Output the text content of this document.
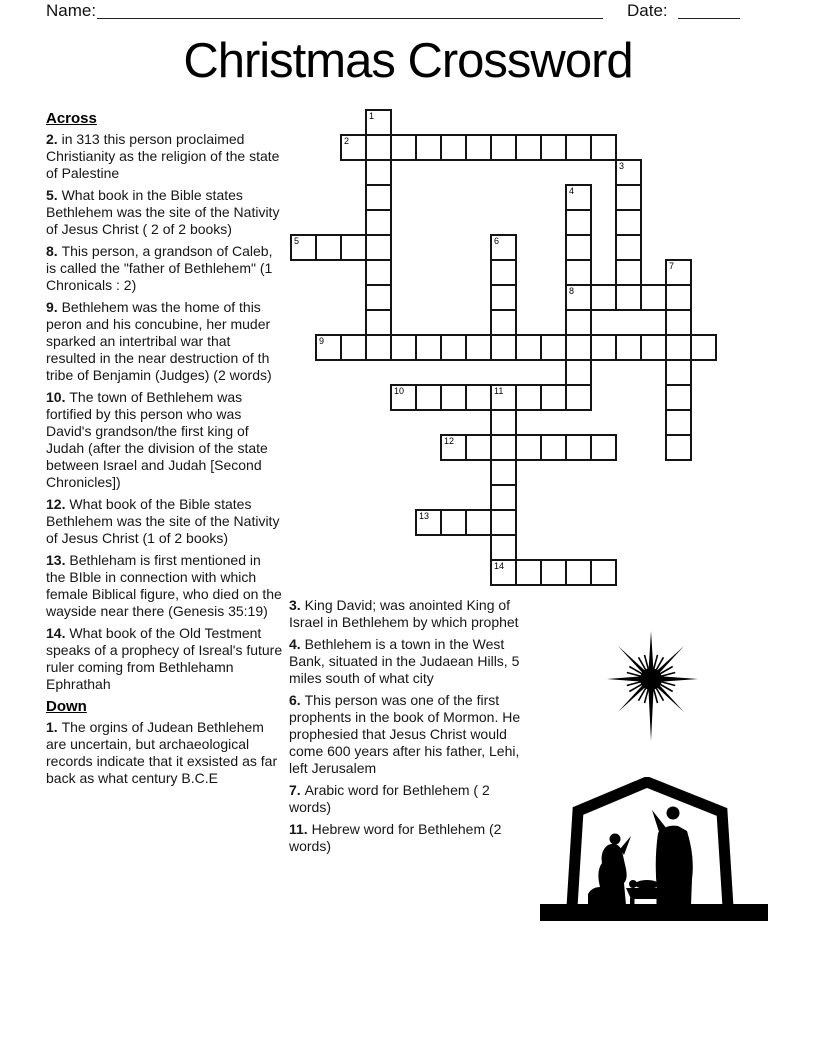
Name:	Date:
Christmas Crossword
Across

2. in 313 this person proclaimed Christianity as the religion of the state of Palestine

5. What book in the Bible states Bethlehem was the site of the Nativity of Jesus Christ ( 2 of 2 books)

8. This person, a grandson of Caleb, is called the "father of Bethlehem" (1 Chronicals : 2)

9. Bethlehem was the home of this peron and his concubine, her muder sparked an intertribal war that resulted in the near destruction of th tribe of Benjamin (Judges) (2 words)

10. The town of Bethlehem was fortified by this person who was David's grandson/the first king of Judah (after the division of the state between Israel and Judah [Second Chronicles])

12. What book of the Bible states Bethlehem was the site of the Nativity of Jesus Christ (1 of 2 books)

13. Bethleham is first mentioned in the BIble in connection with which female Biblical figure, who died on the wayside near there (Genesis 35:19)

14. What book of the Old Testment speaks of a prophecy of Isreal's future ruler coming from Bethlehamn Ephrathah

Down

1. The orgins of Judean Bethlehem are uncertain, but archaeological records indicate that it exsisted as far back as what century B.C.E

3. King David; was anointed King of Israel in Bethlehem by which prophet

4. Bethlehem is a town in the West Bank, situated in the Judaean Hills, 5 miles south of what city

6. This person was one of the first prophents in the book of Mormon. He prophesied that Jesus Christ would come 600 years after his father, Lehi, left Jerusalem

7. Arabic word for Bethlehem ( 2 words)

11. Hebrew word for Bethlehem (2 words)

1
2
3
4
8
5	6
7
9
10	11
14
12
13
